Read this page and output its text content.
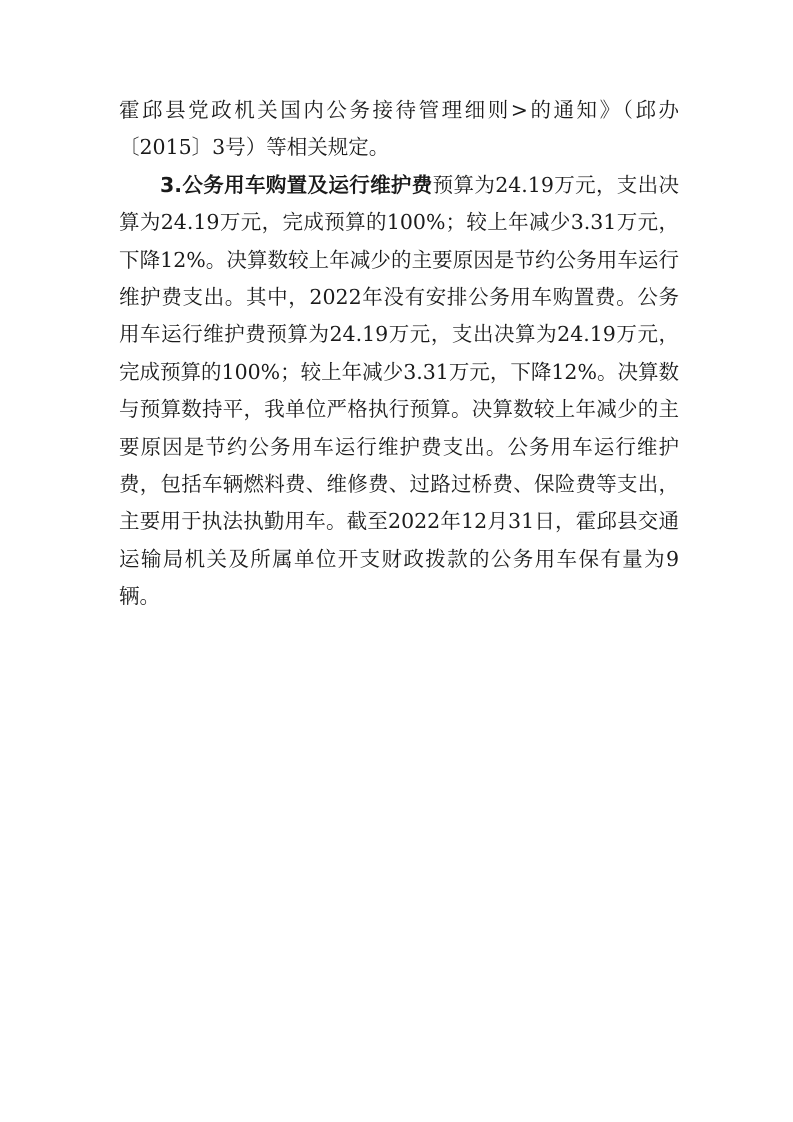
霍邱县党政机关国内公务接待管理细则>的通知》（邱办〔2015〕3号）等相关规定。

3.公务用车购置及运行维护费预算为24.19万元，支出决算为24.19万元，完成预算的100%；较上年减少3.31万元，下降12%。决算数较上年减少的主要原因是节约公务用车运行维护费支出。其中，2022年没有安排公务用车购置费。公务用车运行维护费预算为24.19万元，支出决算为24.19万元，完成预算的100%；较上年减少3.31万元，下降12%。决算数与预算数持平，我单位严格执行预算。决算数较上年减少的主要原因是节约公务用车运行维护费支出。公务用车运行维护费，包括车辆燃料费、维修费、过路过桥费、保险费等支出，主要用于执法执勤用车。截至2022年12月31日，霍邱县交通运输局机关及所属单位开支财政拨款的公务用车保有量为9辆。
